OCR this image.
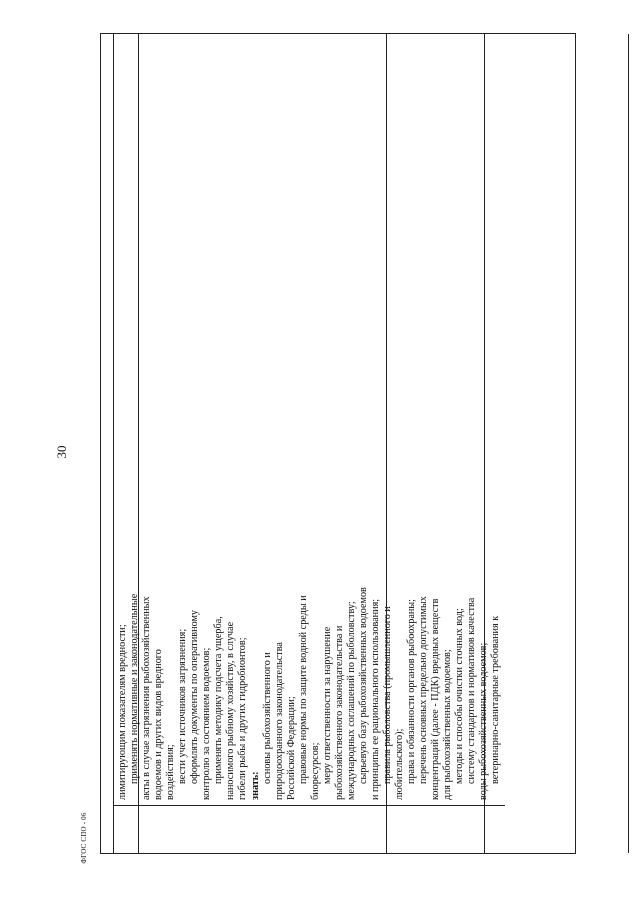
30
ФГОС СПО - 06
лимитирующим показателям вредности; применять нормативные и законодательные акты в случае загрязнения рыбохозяйственных водоемов и других видов вредного воздействия; вести учет источников загрязнения; оформлять документы по оперативному контролю за состоянием водоемов; применять методику подсчета ущерба, наносимого рыбному хозяйству, в случае гибели рыбы и других гидробионтов; знать:
основы рыбохозяйственного и природоохранного законодательства Российской Федерации; правовые нормы по защите водной среды и биоресурсов; меру ответственности за нарушение рыбохозяйственного законодательства и международных соглашений по рыболовству; сырьевую базу рыбохозяйственных водоемов и принципы ее рационального использования; правила рыболовства (промышленного и любительского); права и обязанности органов рыбоохраны; перечень основных предельно допустимых концентраций (далее - ПДК) вредных веществ для рыбохозяйственных водоемов; методы и способы очистки сточных вод; систему стандартов и нормативов качества воды рыбохозяйственных водоемов; ветеринарно-санитарные требования к
